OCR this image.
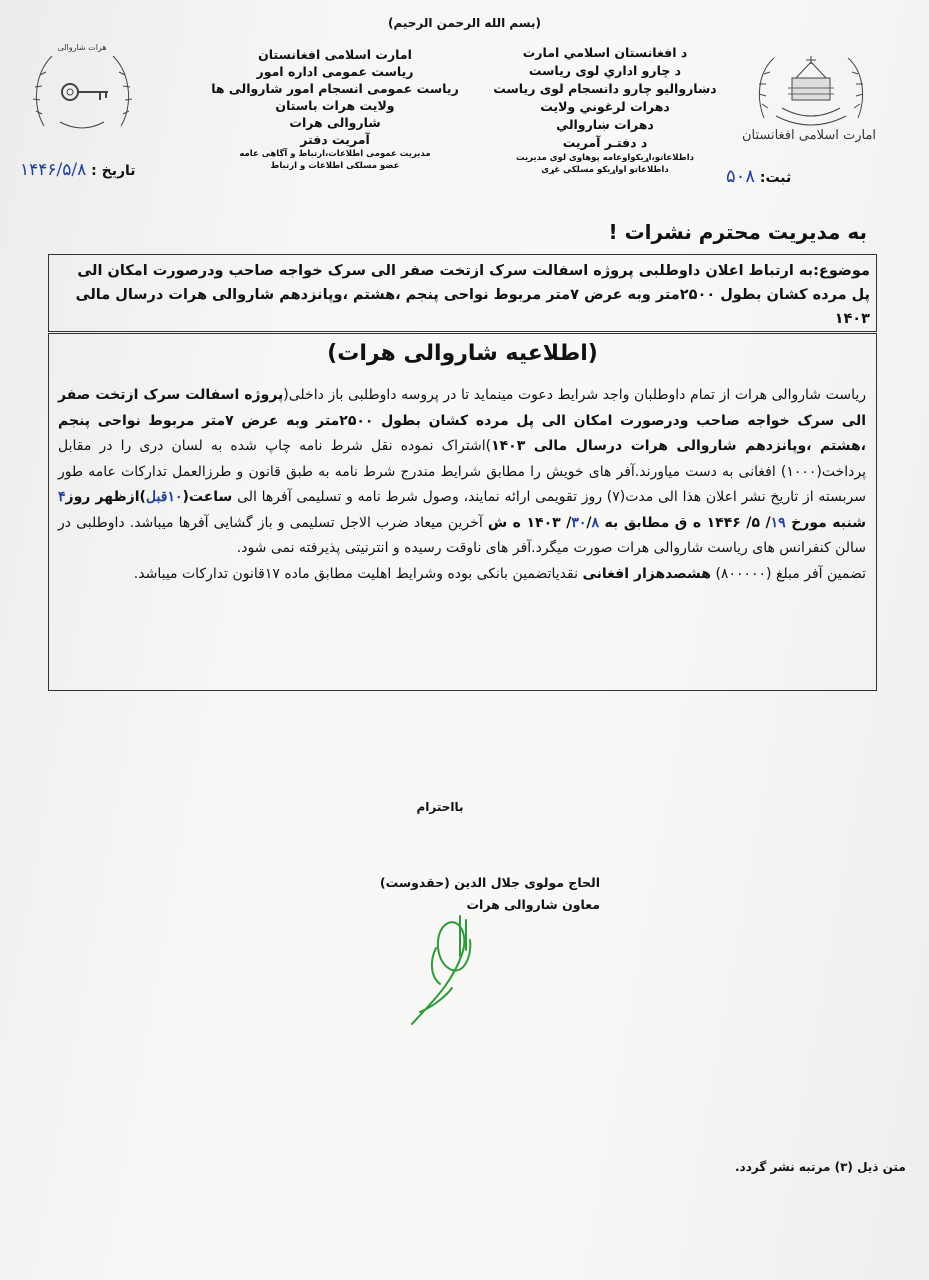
(بسم الله الرحمن الرحیم)
امارت اسلامی افغانستان
د افغانستان اسلامي امارت
د چارو اداري لوی ریاست
دښاروالیو چارو دانسجام لوی ریاست
دهرات لرغوني ولایت
دهرات ښاروالي
د دفتـر آمریت
داطلاعاتو،اړیکواوعامه پوهاوی لوی مدیریت
داطلاعاتو اواړیکو مسلکي غړی
امارت اسلامی افغانستان
ریاست عمومی اداره امور
ریاست عمومی انسجام امور شاروالی ها
ولایت هرات باستان
شاروالی هرات
آمریت دفتر
مدیریت عمومی اطلاعات،ارتباط و آگاهی عامه
عضو مسلکی اطلاعات و ارتباط
هرات شاروالی
ثبت: ۵۰۸
تاریخ : ۱۴۴۶/۵/۸
به مدیریت محترم نشرات !
موضوع:به ارتباط اعلان داوطلبی پروژه اسفالت سرک ازتخت صفر الی سرک خواجه صاحب ودرصورت امکان الی پل مرده کشان بطول ۲۵۰۰متر وبه عرض ۷متر مربوط نواحی پنجم ،هشتم ،وپانزدهم شاروالی هرات درسال مالی ۱۴۰۳
(اطلاعیه شاروالی هرات)
ریاست شاروالی هرات از تمام داوطلبان واجد شرایط دعوت مینماید تا در پروسه داوطلبی باز داخلی(پروژه اسفالت سرک ازتخت صفر الی سرک خواجه صاحب ودرصورت امکان الی پل مرده کشان بطول ۲۵۰۰متر وبه عرض ۷متر مربوط نواحی پنجم ،هشتم ،وپانزدهم شاروالی هرات درسال مالی ۱۴۰۳)اشتراک نموده نقل شرط نامه چاپ شده به لسان دری را در مقابل پرداخت(۱۰۰۰) افغانی به دست میاورند.آفر های خویش را مطابق شرایط مندرج شرط نامه به طبق قانون و طرزالعمل تدارکات عامه طور سربسته از تاریخ نشر اعلان هذا الی مدت(۷) روز تقویمی ارائه نمایند، وصول شرط نامه و تسلیمی آفرها الی ساعت(۱۰قبل)ازظهر روز۴ شنبه مورخ ۱۹/ ۵/ ۱۴۴۶ ه ق مطابق به ۳۰/۸/ ۱۴۰۳ ه ش آخرین میعاد ضرب الاجل تسلیمی و باز گشایی آفرها میباشد. داوطلبی در سالن کنفرانس های ریاست شاروالی هرات صورت میگرد.آفر های ناوقت رسیده و انترنیتی پذیرفته نمی شود.
تضمین آفر مبلغ (۸۰۰۰۰۰) هشصدهزار افغانی نقدیاتضمین بانکی بوده وشرایط اهلیت مطابق ماده ۱۷قانون تدارکات میباشد.
بااحترام
الحاج مولوی جلال الدین (حقدوست)
معاون شاروالی هرات
متن ذیل (۳) مرتبه نشر گردد.
